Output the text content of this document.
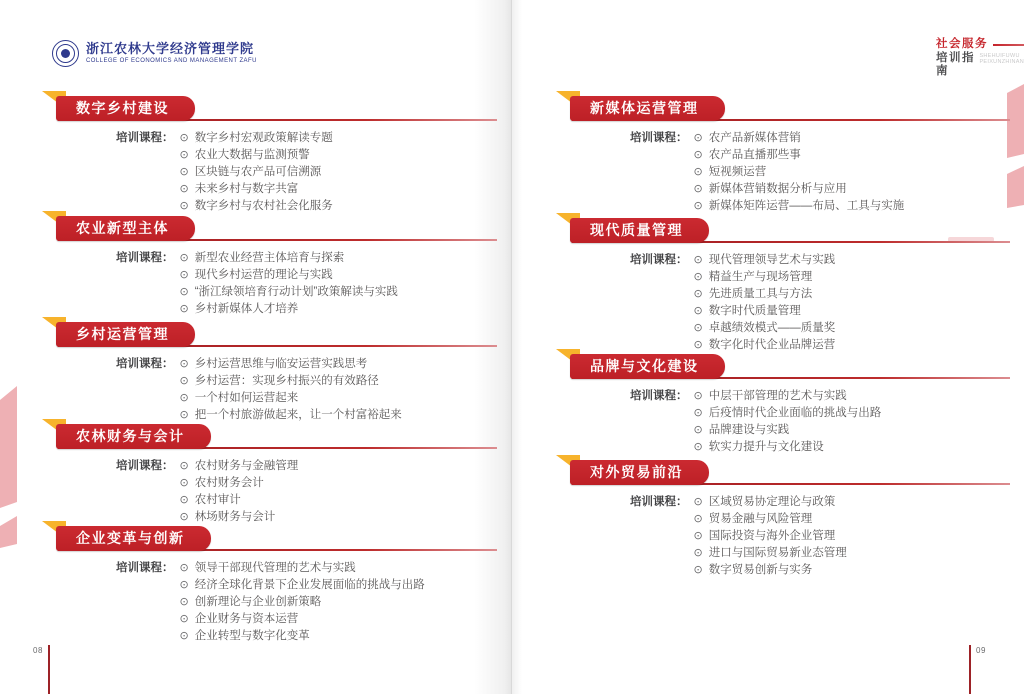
数字乡村建设
培训课程： ⊙ 数字乡村宏观政策解读专题
⊙ 农业大数据与监测预警
⊙ 区块链与农产品可信溯源
⊙ 未来乡村与数字共富
⊙ 数字乡村与农村社会化服务
农业新型主体
培训课程： ⊙ 新型农业经营主体培育与探索
⊙ 现代乡村运营的理论与实践
⊙ “浙江绿领培育行动计划”政策解读与实践
⊙ 乡村新媒体人才培养
乡村运营管理
培训课程： ⊙ 乡村运营思维与临安运营实践思考
⊙ 乡村运营：实现乡村振兴的有效路径
⊙ 一个村如何运营起来
⊙ 把一个村旅游做起来，让一个村富裕起来
农林财务与会计
培训课程： ⊙ 农村财务与金融管理
⊙ 农村财务会计
⊙ 农村审计
⊙ 林场财务与会计
企业变革与创新
培训课程： ⊙ 领导干部现代管理的艺术与实践
⊙ 经济全球化背景下企业发展面临的挑战与出路
⊙ 创新理论与企业创新策略
⊙ 企业财务与资本运营
⊙ 企业转型与数字化变革
新媒体运营管理
培训课程： ⊙ 农产品新媒体营销
⊙ 农产品直播那些事
⊙ 短视频运营
⊙ 新媒体营销数据分析与应用
⊙ 新媒体矩阵运营——布局、工具与实施
现代质量管理
培训课程： ⊙ 现代管理领导艺术与实践
⊙ 精益生产与现场管理
⊙ 先进质量工具与方法
⊙ 数字时代质量管理
⊙ 卓越绩效模式——质量奖
⊙ 数字化时代企业品牌运营
品牌与文化建设
培训课程： ⊙ 中层干部管理的艺术与实践
⊙ 后疫情时代企业面临的挑战与出路
⊙ 品牌建设与实践
⊙ 软实力提升与文化建设
对外贸易前沿
培训课程： ⊙ 区域贸易协定理论与政策
⊙ 贸易金融与风险管理
⊙ 国际投资与海外企业管理
⊙ 进口与国际贸易新业态管理
⊙ 数字贸易创新与实务
浙江农林大学经济管理学院
COLLEGE OF ECONOMICS AND MANAGEMENT ZAFU
社会服务
培训指南
SHEHUIFUWU
PEIXUNZHINAN
08	09
